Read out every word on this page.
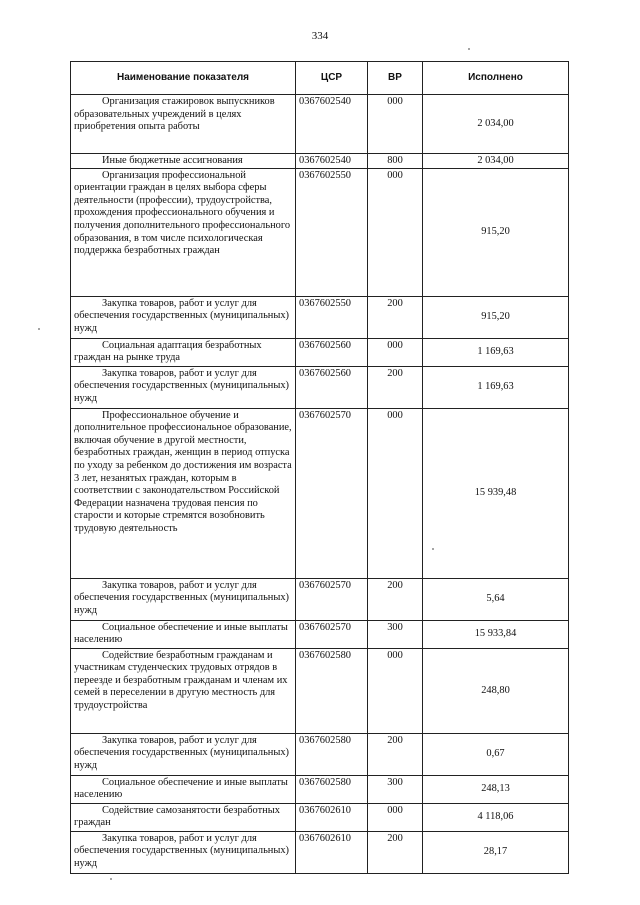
334
Наименование показателя	ЦСР	ВР	Исполнено
Организация стажировок выпускников образовательных учреждений в целях приобретения опыта работы	0367602540	000	2 034,00
Иные бюджетные ассигнования	0367602540	800	2 034,00
Организация профессиональной ориентации граждан в целях выбора сферы деятельности (профессии), трудоустройства, прохождения профессионального обучения и получения дополнительного профессионального образования, в том числе психологическая поддержка безработных граждан	0367602550	000	915,20
Закупка товаров, работ и услуг для обеспечения государственных (муниципальных) нужд	0367602550	200	915,20
Социальная адаптация безработных граждан на рынке труда	0367602560	000	1 169,63
Закупка товаров, работ и услуг для обеспечения государственных (муниципальных) нужд	0367602560	200	1 169,63
Профессиональное обучение и дополнительное профессиональное образование, включая обучение в другой местности, безработных граждан, женщин в период отпуска по уходу за ребенком до достижения им возраста 3 лет, незанятых граждан, которым в соответствии с законодательством Российской Федерации назначена трудовая пенсия по старости и которые стремятся возобновить трудовую деятельность	0367602570	000	15 939,48
Закупка товаров, работ и услуг для обеспечения государственных (муниципальных) нужд	0367602570	200	5,64
Социальное обеспечение и иные выплаты населению	0367602570	300	15 933,84
Содействие безработным гражданам и участникам студенческих трудовых отрядов в переезде и безработным гражданам и членам их семей в переселении в другую местность для трудоустройства	0367602580	000	248,80
Закупка товаров, работ и услуг для обеспечения государственных (муниципальных) нужд	0367602580	200	0,67
Социальное обеспечение и иные выплаты населению	0367602580	300	248,13
Содействие самозанятости безработных граждан	0367602610	000	4 118,06
Закупка товаров, работ и услуг для обеспечения государственных (муниципальных) нужд	0367602610	200	28,17
